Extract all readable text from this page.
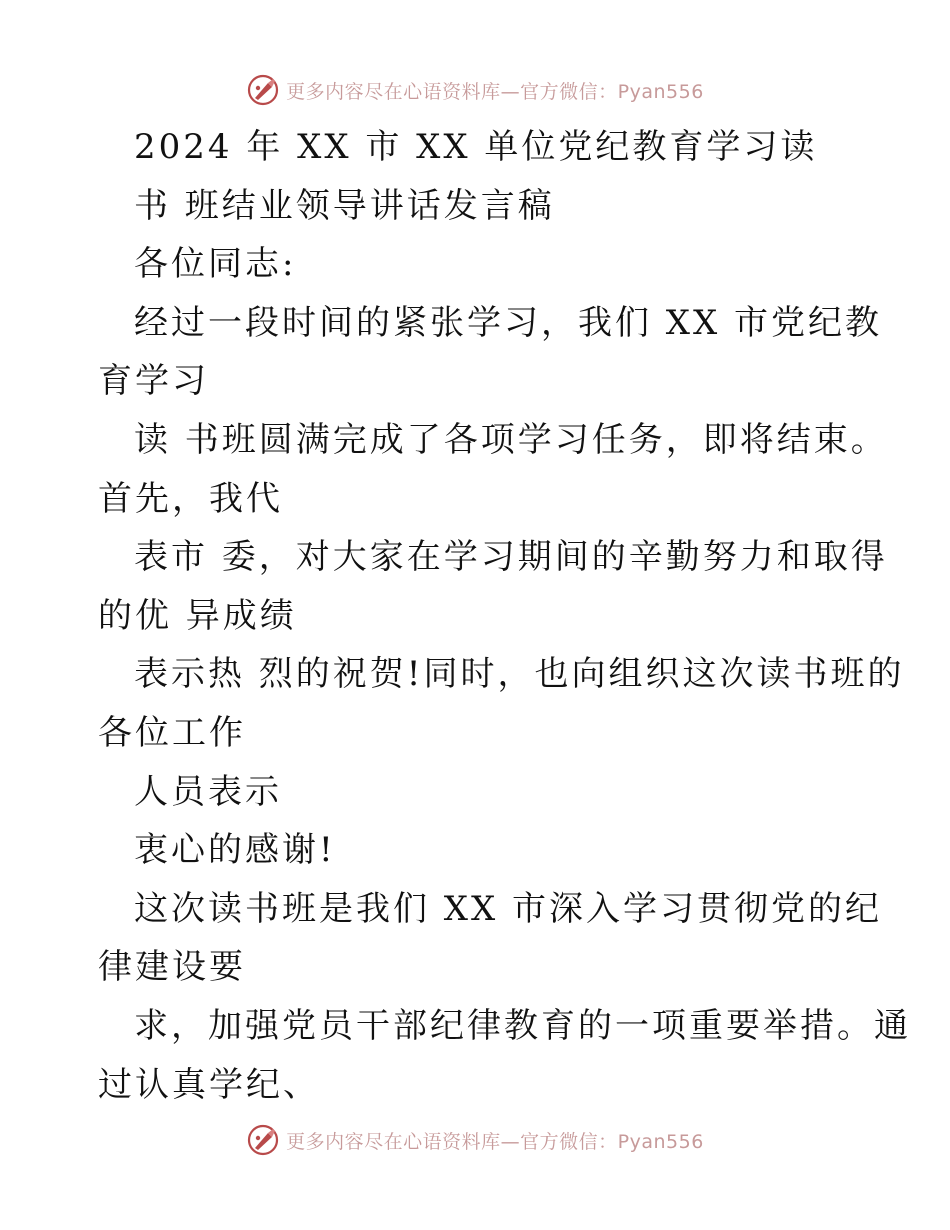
更多内容尽在心语资料库—官方微信：Pyan556
2024 年 XX 市 XX 单位党纪教育学习读
书 班结业领导讲话发言稿
各位同志:
经过一段时间的紧张学习，我们 XX 市党纪教
育学习
读 书班圆满完成了各项学习任务，即将结束。
首先，我代
表市 委，对大家在学习期间的辛勤努力和取得
的优 异成绩
表示热 烈的祝贺!同时，也向组织这次读书班的
各位工作
人员表示
衷心的感谢!
这次读书班是我们 XX 市深入学习贯彻党的纪
律建设要
求，加强党员干部纪律教育的一项重要举措。通
过认真学纪、
更多内容尽在心语资料库—官方微信：Pyan556
